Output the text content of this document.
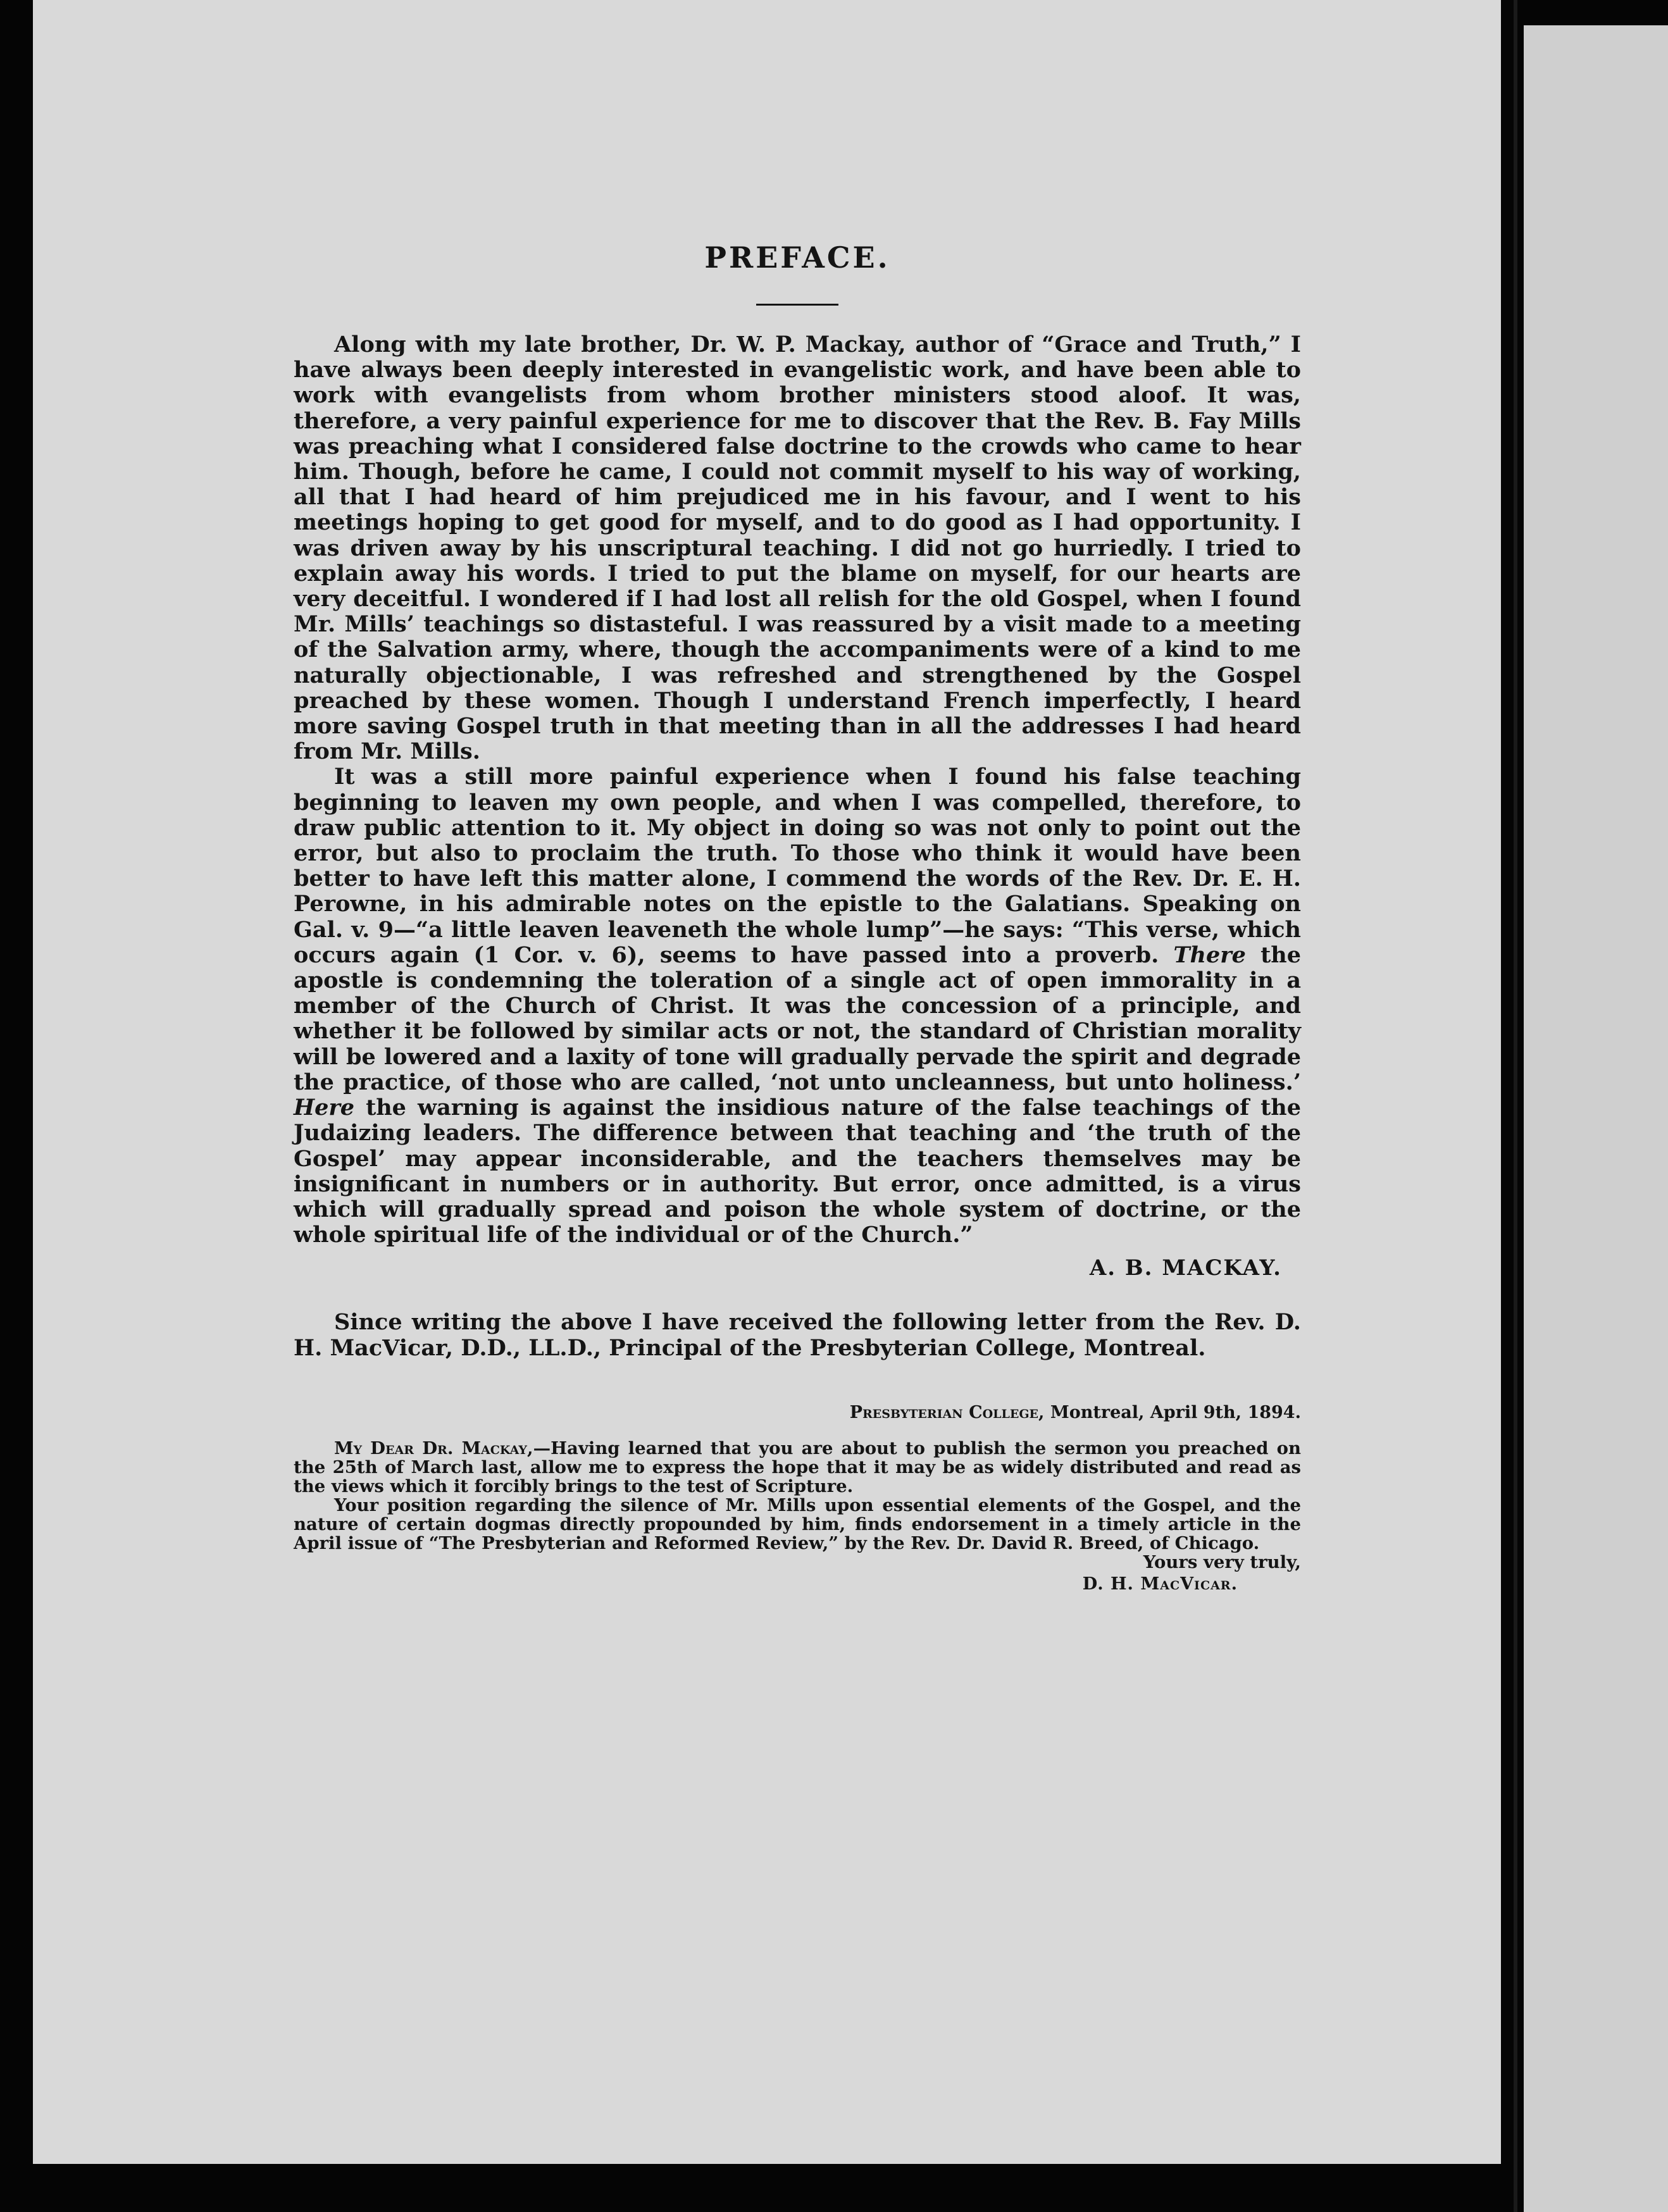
PREFACE.

Along with my late brother, Dr. W. P. Mackay, author of “Grace and Truth,” I have always been deeply interested in evangelistic work, and have been able to work with evangelists from whom brother ministers stood aloof. It was, therefore, a very painful experience for me to discover that the Rev. B. Fay Mills was preaching what I considered false doctrine to the crowds who came to hear him. Though, before he came, I could not commit myself to his way of working, all that I had heard of him prejudiced me in his favour, and I went to his meetings hoping to get good for myself, and to do good as I had opportunity. I was driven away by his unscriptural teaching. I did not go hurriedly. I tried to explain away his words. I tried to put the blame on myself, for our hearts are very deceitful. I wondered if I had lost all relish for the old Gospel, when I found Mr. Mills’ teachings so distasteful. I was reassured by a visit made to a meeting of the Salvation army, where, though the accompaniments were of a kind to me naturally objectionable, I was refreshed and strengthened by the Gospel preached by these women. Though I understand French imperfectly, I heard more saving Gospel truth in that meeting than in all the addresses I had heard from Mr. Mills.

It was a still more painful experience when I found his false teaching beginning to leaven my own people, and when I was compelled, therefore, to draw public attention to it. My object in doing so was not only to point out the error, but also to proclaim the truth. To those who think it would have been better to have left this matter alone, I commend the words of the Rev. Dr. E. H. Perowne, in his admirable notes on the epistle to the Galatians. Speaking on Gal. v. 9—“a little leaven leaveneth the whole lump”—he says: “This verse, which occurs again (1 Cor. v. 6), seems to have passed into a proverb. There the apostle is condemning the toleration of a single act of open immorality in a member of the Church of Christ. It was the concession of a principle, and whether it be followed by similar acts or not, the standard of Christian morality will be lowered and a laxity of tone will gradually pervade the spirit and degrade the practice, of those who are called, ‘not unto uncleanness, but unto holiness.’ Here the warning is against the insidious nature of the false teachings of the Judaizing leaders. The difference between that teaching and ‘the truth of the Gospel’ may appear inconsiderable, and the teachers themselves may be insignificant in numbers or in authority. But error, once admitted, is a virus which will gradually spread and poison the whole system of doctrine, or the whole spiritual life of the individual or of the Church.”

A. B. MACKAY.

Since writing the above I have received the following letter from the Rev. D. H. MacVicar, D.D., LL.D., Principal of the Presbyterian College, Montreal.

Presbyterian College, Montreal, April 9th, 1894.

My Dear Dr. Mackay,—Having learned that you are about to publish the sermon you preached on the 25th of March last, allow me to express the hope that it may be as widely distributed and read as the views which it forcibly brings to the test of Scripture.

Your position regarding the silence of Mr. Mills upon essential elements of the Gospel, and the nature of certain dogmas directly propounded by him, finds endorsement in a timely article in the April issue of “The Presbyterian and Reformed Review,” by the Rev. Dr. David R. Breed, of Chicago.
Yours very truly,

D. H. MacVicar.
